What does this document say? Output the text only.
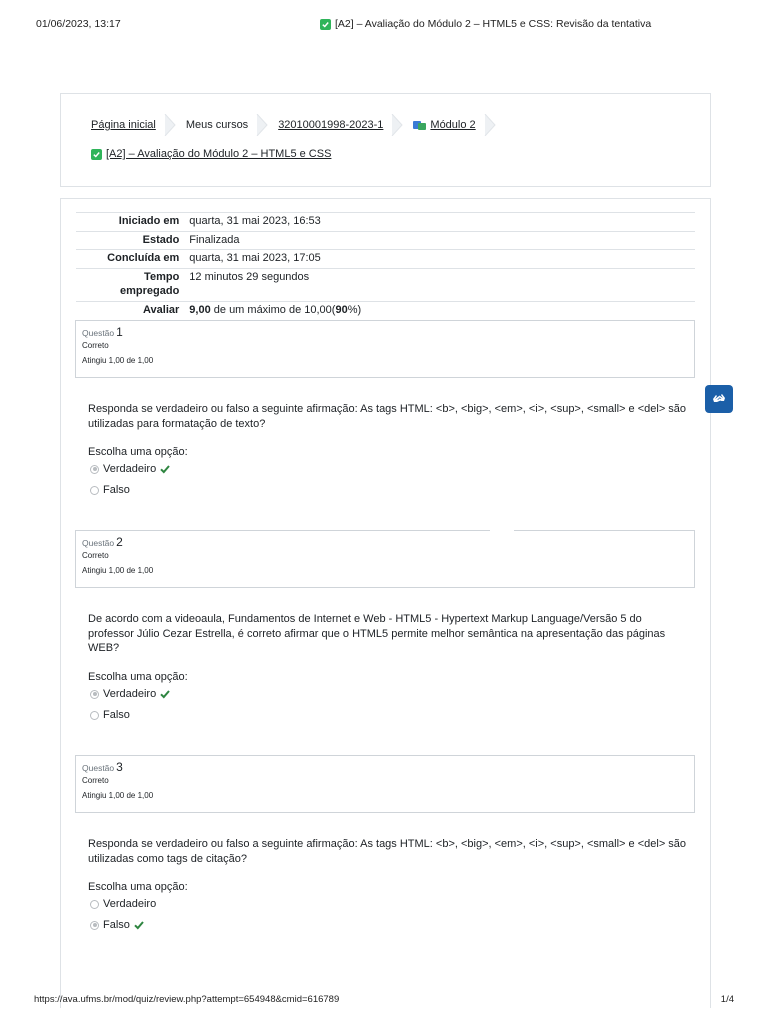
01/06/2023, 13:17	[A2] – Avaliação do Módulo 2 – HTML5 e CSS: Revisão da tentativa
Página inicial	Meus cursos	32010001998-2023-1	Módulo 2
[A2] – Avaliação do Módulo 2 – HTML5 e CSS
Iniciado em	quarta, 31 mai 2023, 16:53
Estado	Finalizada
Concluída em	quarta, 31 mai 2023, 17:05
Tempo empregado	12 minutos 29 segundos
Avaliar	9,00 de um máximo de 10,00(90%)
Questão 1
Correto
Atingiu 1,00 de 1,00
Responda se verdadeiro ou falso a seguinte afirmação: As tags HTML: <b>, <big>, <em>, <i>, <sup>, <small> e <del> são utilizadas para formatação de texto?
Escolha uma opção:
Verdadeiro
Falso
Questão 2
Correto
Atingiu 1,00 de 1,00
De acordo com a videoaula, Fundamentos de Internet e Web - HTML5 - Hypertext Markup Language/Versão 5 do professor Júlio Cezar Estrella, é correto afirmar que o HTML5 permite melhor semântica na apresentação das páginas WEB?
Escolha uma opção:
Verdadeiro
Falso
Questão 3
Correto
Atingiu 1,00 de 1,00
Responda se verdadeiro ou falso a seguinte afirmação: As tags HTML: <b>, <big>, <em>, <i>, <sup>, <small> e <del> são utilizadas como tags de citação?
Escolha uma opção:
Verdadeiro
Falso
https://ava.ufms.br/mod/quiz/review.php?attempt=654948&cmid=616789	1/4
